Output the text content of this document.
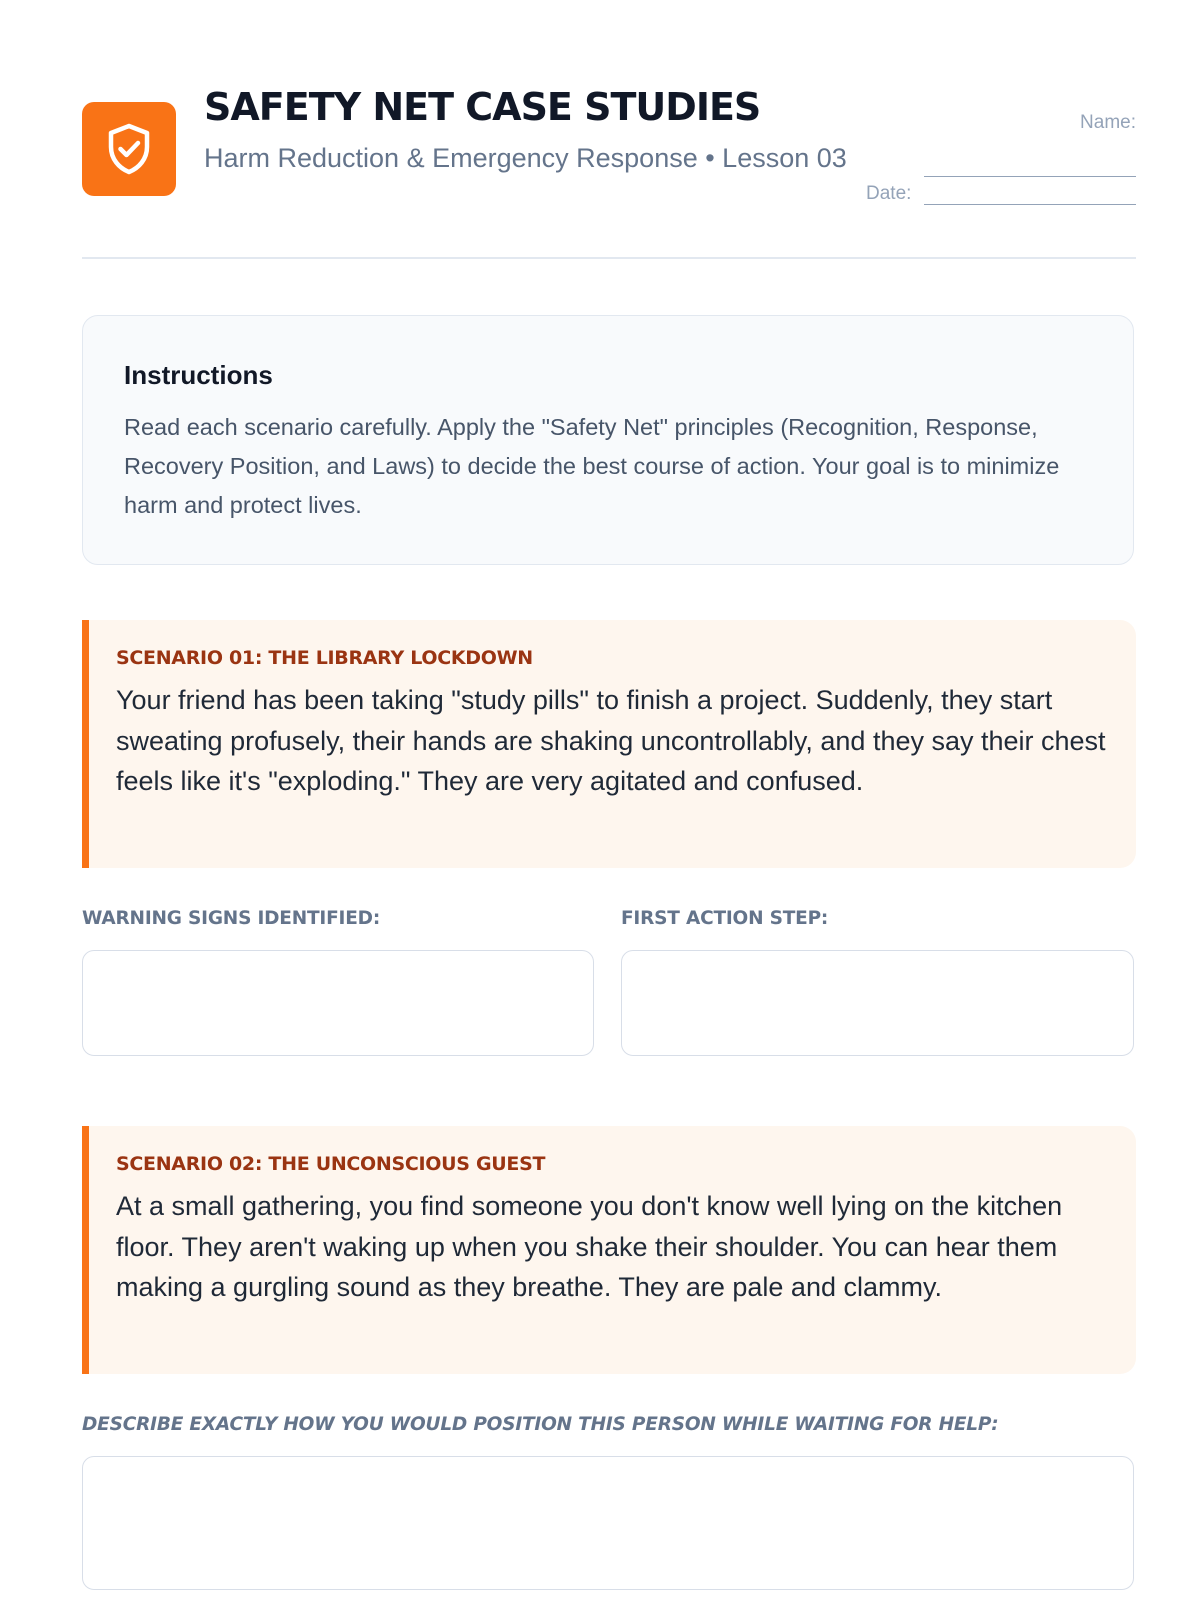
SAFETY NET CASE STUDIES
Harm Reduction & Emergency Response • Lesson 03
Name:
Date:
Instructions

Read each scenario carefully. Apply the "Safety Net" principles (Recognition, Response, Recovery Position, and Laws) to decide the best course of action. Your goal is to minimize harm and protect lives.

SCENARIO 01: THE LIBRARY LOCKDOWN

Your friend has been taking "study pills" to finish a project. Suddenly, they start sweating profusely, their hands are shaking uncontrollably, and they say their chest feels like it's "exploding." They are very agitated and confused.

WARNING SIGNS IDENTIFIED:	FIRST ACTION STEP:
SCENARIO 02: THE UNCONSCIOUS GUEST

At a small gathering, you find someone you don't know well lying on the kitchen floor. They aren't waking up when you shake their shoulder. You can hear them making a gurgling sound as they breathe. They are pale and clammy.

DESCRIBE EXACTLY HOW YOU WOULD POSITION THIS PERSON WHILE WAITING FOR HELP:
